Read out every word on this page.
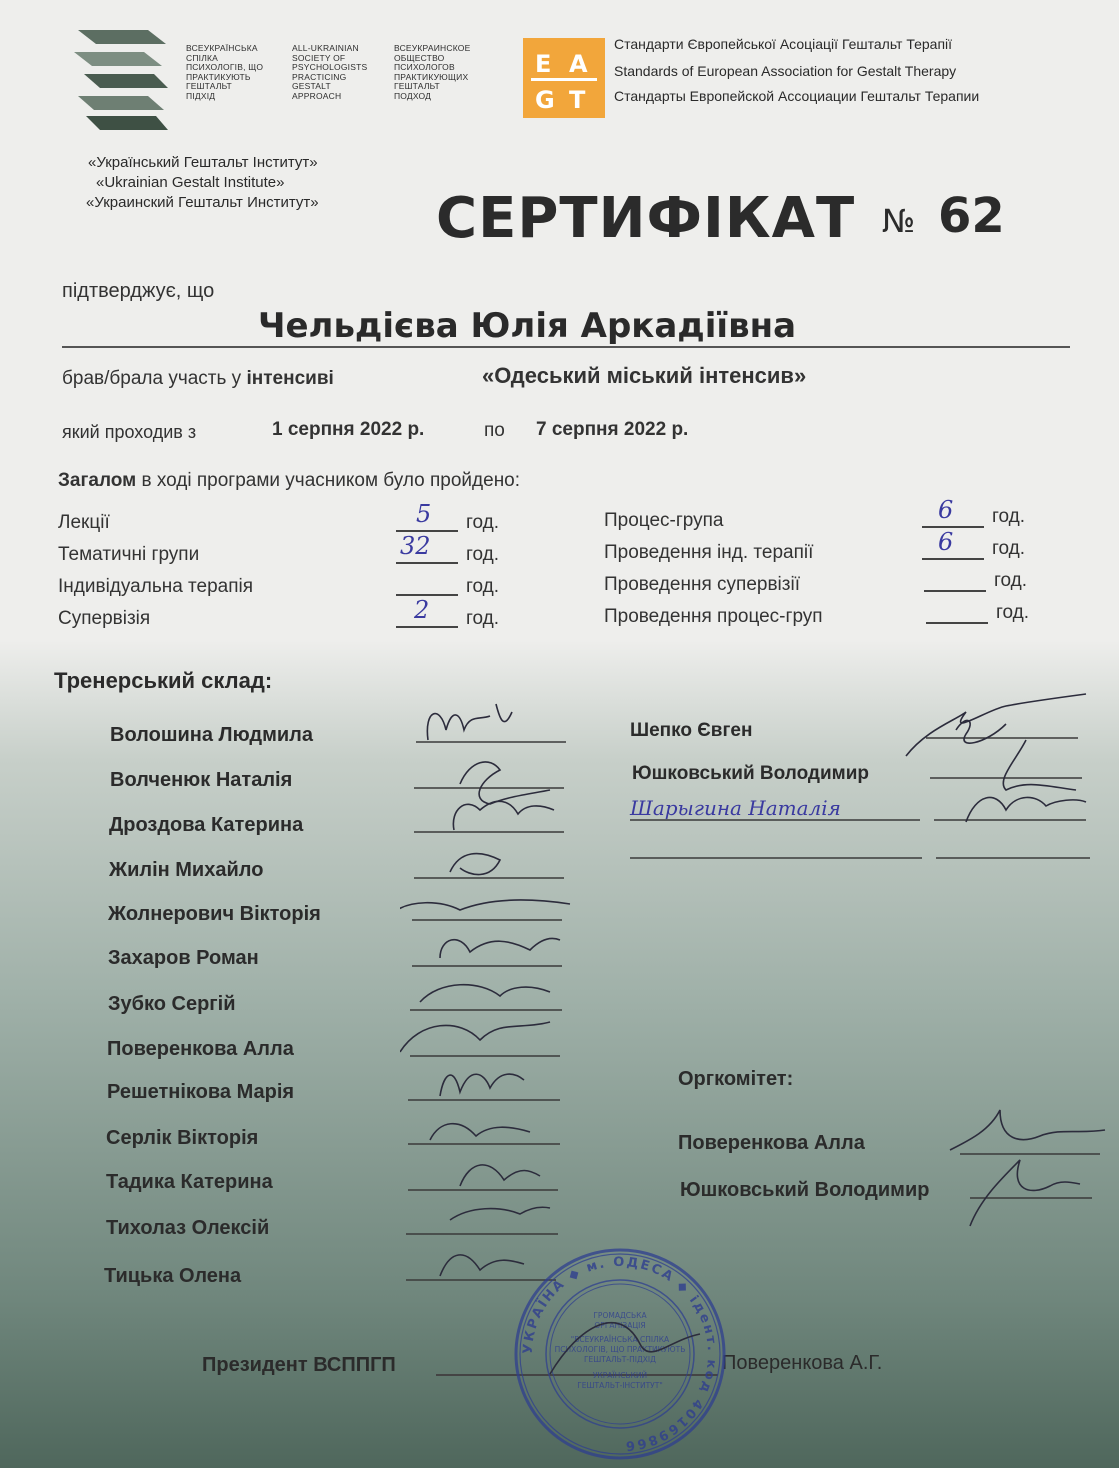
ВСЕУКРАЇНСЬКА
СПІЛКА
ПСИХОЛОГІВ, ЩО
ПРАКТИКУЮТЬ
ГЕШТАЛЬТ
ПІДХІД
ALL-UKRAINIAN
SOCIETY OF
PSYCHOLOGISTS
PRACTICING
GESTALT
APPROACH
ВСЕУКРАИНСКОЕ
ОБЩЕСТВО
ПСИХОЛОГОВ
ПРАКТИКУЮЩИХ
ГЕШТАЛЬТ
ПОДХОД
E A
G T
Стандарти Європейської Асоціації Гештальт Терапії
Standards of European Association for Gestalt Therapy
Стандарты Европейской Ассоциации Гештальт Терапии
«Український Гештальт Інститут»
«Ukrainian Gestalt Institute»
«Украинский Гештальт Институт» СЕРТИФІКАТ № 62
підтверджує, що
Чельдієва Юлія Аркадіївна
брав/брала участь у інтенсиві	«Одеський міський інтенсив»
який проходив з	1 серпня 2022 р.	по 7 серпня 2022 р.
Загалом в ході програми учасником було пройдено:
Лекції	5 год.
Тематичні групи	32 год.
Індивідуальна терапія	год.
Супервізія	2 год.
Процес-група	6 год.
Проведення інд. терапії	6 год.
Проведення супервізії	год.
Проведення процес-груп	год.
Тренерський склад:
Волошина Людмила
Волченюк Наталія
Дроздова Катерина
Жилін Михайло
Жолнерович Вікторія
Захаров Роман
Зубко Сергій
Поверенкова Алла
Решетнікова Марія
Серлік Вікторія
Тадика Катерина
Тихолаз Олексій
Тицька Олена
Шепко Євген
Юшковський Володимир
Шарыгина Наталія
Оргкомітет:
Поверенкова Алла
Юшковський Володимир
Президент ВСППГП	Поверенкова А.Г.
УКРАЇНА ◆ м. ОДЕСА ◆ ідент. код 40169866
ГРОМАДСЬКА
ОРГАНІЗАЦІЯ
"ВСЕУКРАЇНСЬКА СПІЛКА
ПСИХОЛОГІВ, ЩО ПРАКТИКУЮТЬ
ГЕШТАЛЬТ-ПІДХІД
УКРАЇНСЬКИЙ
ГЕШТАЛЬТ-ІНСТИТУТ"
